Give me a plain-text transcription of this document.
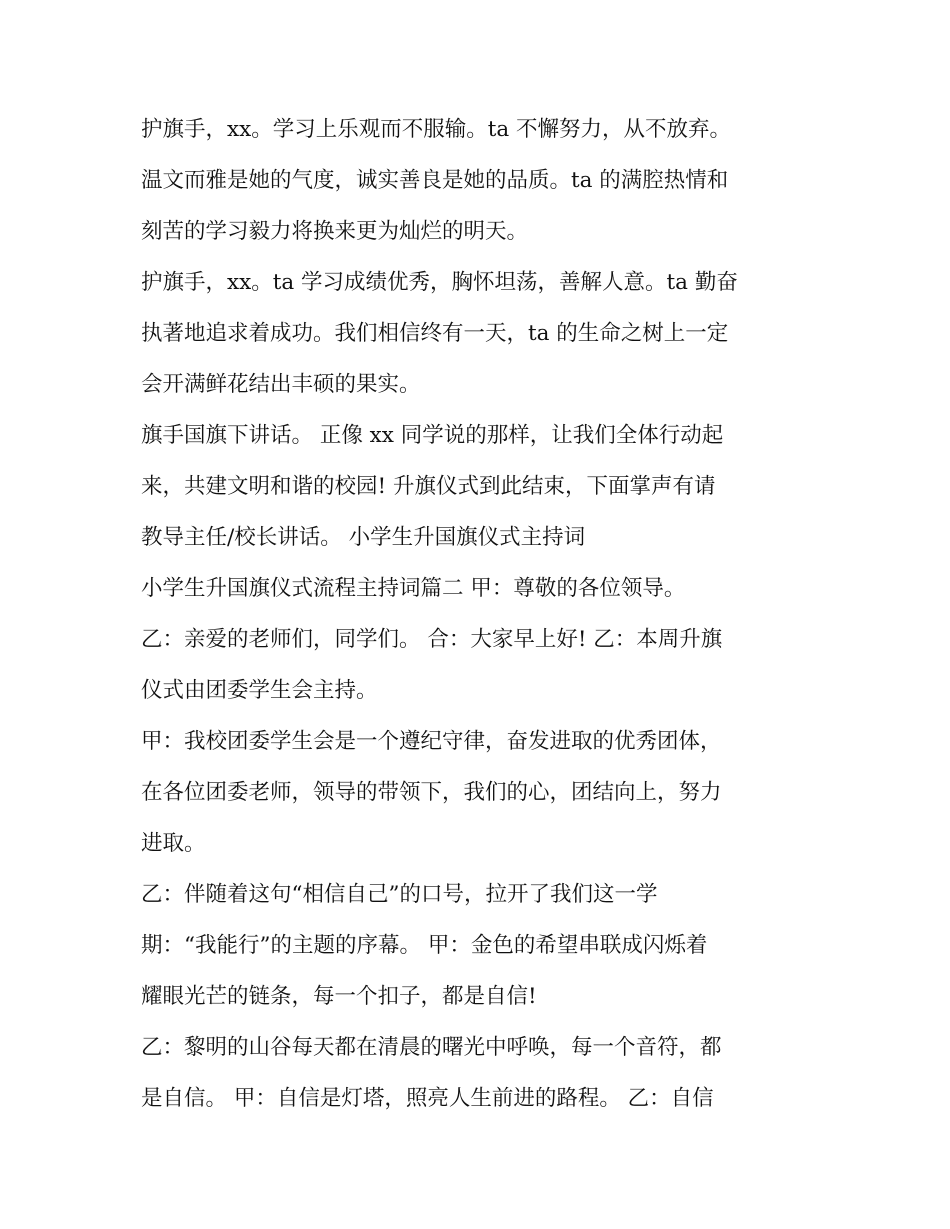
护旗手，xx。学习上乐观而不服输。ta 不懈努力，从不放弃。
温文而雅是她的气度，诚实善良是她的品质。ta 的满腔热情和
刻苦的学习毅力将换来更为灿烂的明天。
护旗手，xx。ta 学习成绩优秀，胸怀坦荡，善解人意。ta 勤奋
执著地追求着成功。我们相信终有一天，ta 的生命之树上一定
会开满鲜花结出丰硕的果实。
旗手国旗下讲话。 正像 xx 同学说的那样，让我们全体行动起
来，共建文明和谐的校园! 升旗仪式到此结束，下面掌声有请
教导主任/校长讲话。 小学生升国旗仪式主持词
小学生升国旗仪式流程主持词篇二 甲：尊敬的各位领导。
乙：亲爱的老师们，同学们。 合：大家早上好! 乙：本周升旗
仪式由团委学生会主持。
甲：我校团委学生会是一个遵纪守律，奋发进取的优秀团体，
在各位团委老师，领导的带领下，我们的心，团结向上，努力
进取。
乙：伴随着这句“相信自己”的口号，拉开了我们这一学
期：“我能行”的主题的序幕。 甲：金色的希望串联成闪烁着
耀眼光芒的链条，每一个扣子，都是自信!
乙：黎明的山谷每天都在清晨的曙光中呼唤，每一个音符，都
是自信。 甲：自信是灯塔，照亮人生前进的路程。 乙：自信
